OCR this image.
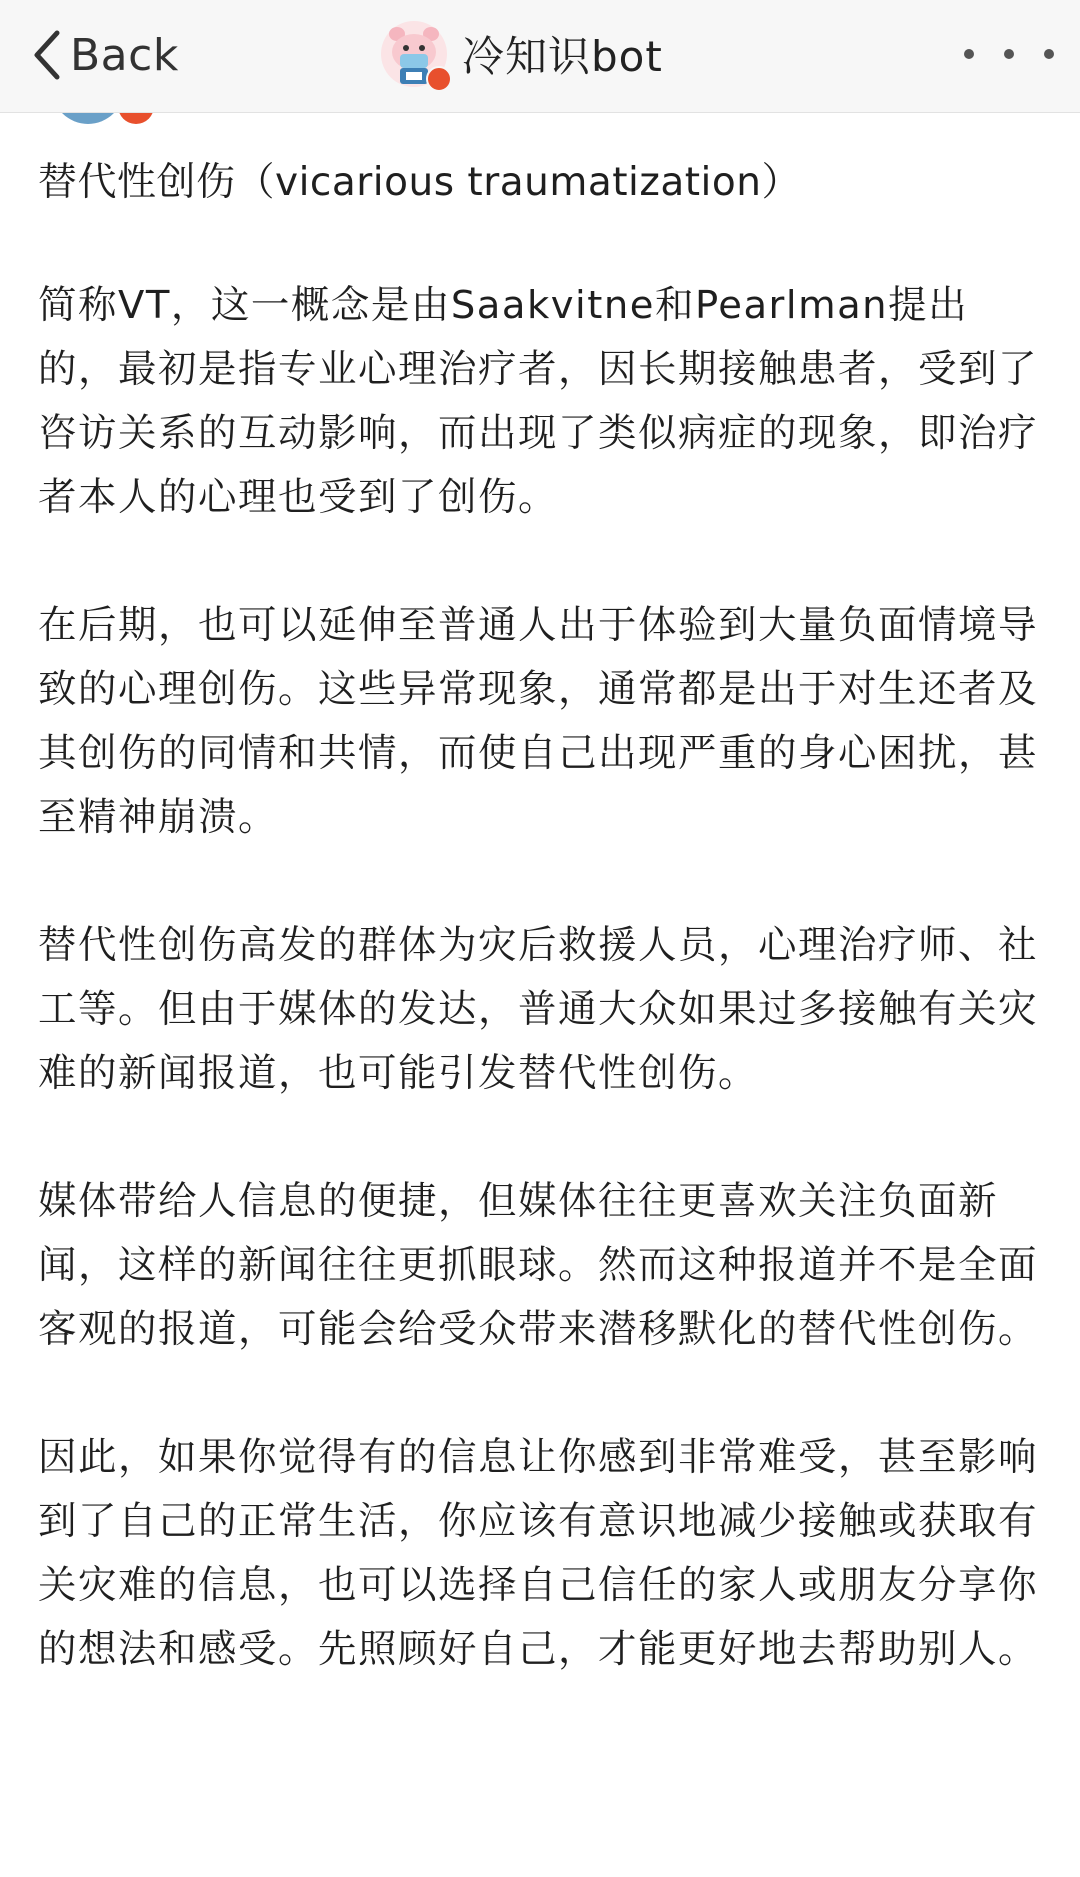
Back	冷知识bot

替代性创伤（vicarious traumatization）

简称VT，这一概念是由Saakvitne和Pearlman提出的，最初是指专业心理治疗者，因长期接触患者，受到了咨访关系的互动影响，而出现了类似病症的现象，即治疗者本人的心理也受到了创伤。

在后期，也可以延伸至普通人出于体验到大量负面情境导致的心理创伤。这些异常现象，通常都是出于对生还者及其创伤的同情和共情，而使自己出现严重的身心困扰，甚至精神崩溃。

替代性创伤高发的群体为灾后救援人员，心理治疗师、社工等。但由于媒体的发达，普通大众如果过多接触有关灾难的新闻报道，也可能引发替代性创伤。

媒体带给人信息的便捷，但媒体往往更喜欢关注负面新闻，这样的新闻往往更抓眼球。然而这种报道并不是全面客观的报道，可能会给受众带来潜移默化的替代性创伤。

因此，如果你觉得有的信息让你感到非常难受，甚至影响到了自己的正常生活，你应该有意识地减少接触或获取有关灾难的信息，也可以选择自己信任的家人或朋友分享你的想法和感受。先照顾好自己，才能更好地去帮助别人。
